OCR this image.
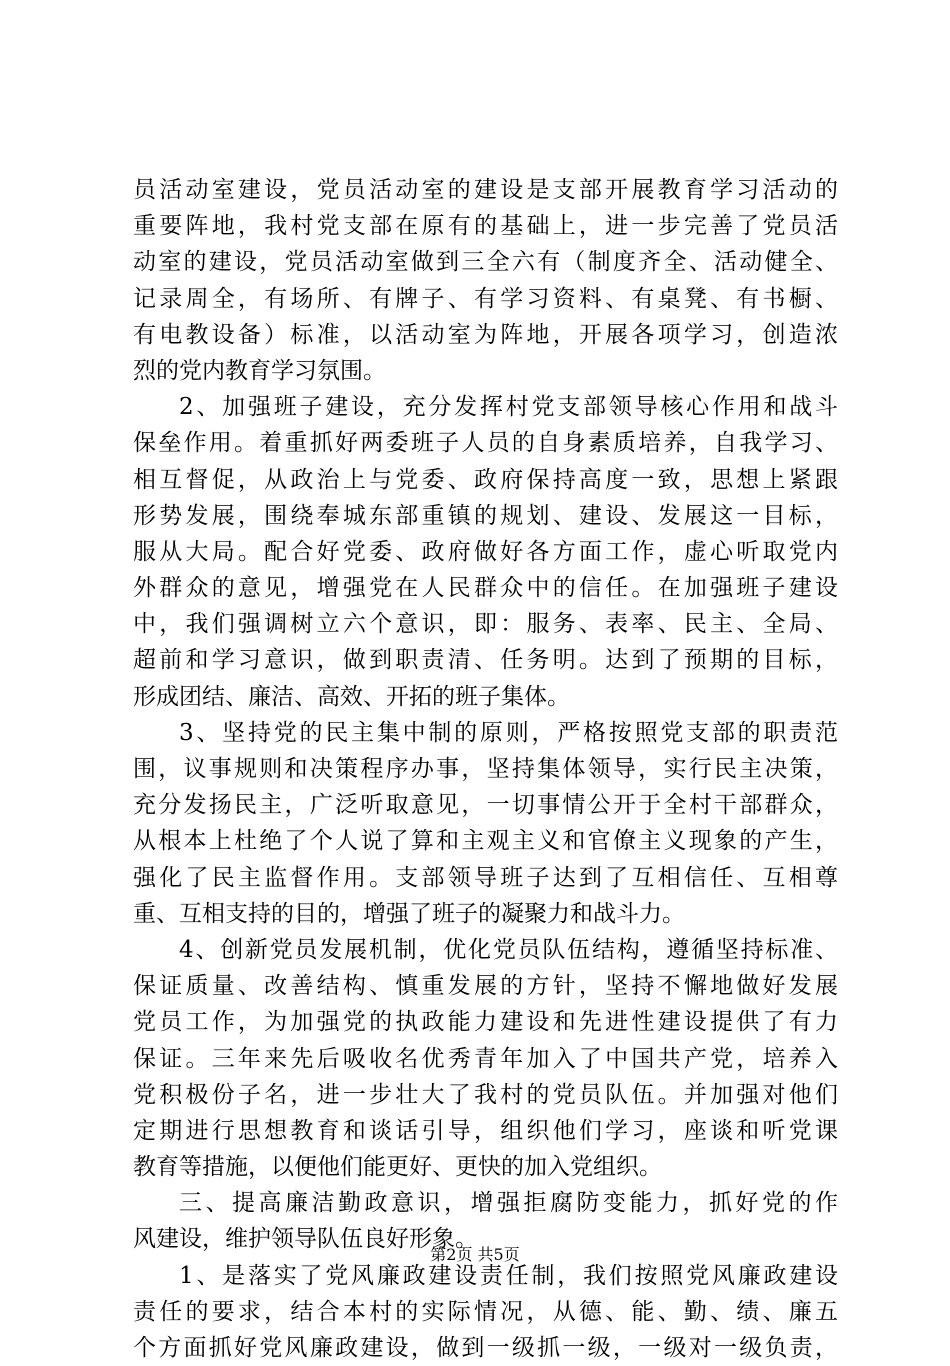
员活动室建设，党员活动室的建设是支部开展教育学习活动的
重要阵地，我村党支部在原有的基础上，进一步完善了党员活
动室的建设，党员活动室做到三全六有（制度齐全、活动健全、
记录周全，有场所、有牌子、有学习资料、有桌凳、有书橱、
有电教设备）标准，以活动室为阵地，开展各项学习，创造浓
烈的党内教育学习氛围。
2、加强班子建设，充分发挥村党支部领导核心作用和战斗
保垒作用。着重抓好两委班子人员的自身素质培养，自我学习、
相互督促，从政治上与党委、政府保持高度一致，思想上紧跟
形势发展，围绕奉城东部重镇的规划、建设、发展这一目标，
服从大局。配合好党委、政府做好各方面工作，虚心听取党内
外群众的意见，增强党在人民群众中的信任。在加强班子建设
中，我们强调树立六个意识，即：服务、表率、民主、全局、
超前和学习意识，做到职责清、任务明。达到了预期的目标，
形成团结、廉洁、高效、开拓的班子集体。
3、坚持党的民主集中制的原则，严格按照党支部的职责范
围，议事规则和决策程序办事，坚持集体领导，实行民主决策，
充分发扬民主，广泛听取意见，一切事情公开于全村干部群众，
从根本上杜绝了个人说了算和主观主义和官僚主义现象的产生，
强化了民主监督作用。支部领导班子达到了互相信任、互相尊
重、互相支持的目的，增强了班子的凝聚力和战斗力。
4、创新党员发展机制，优化党员队伍结构，遵循坚持标准、
保证质量、改善结构、慎重发展的方针，坚持不懈地做好发展
党员工作，为加强党的执政能力建设和先进性建设提供了有力
保证。三年来先后吸收名优秀青年加入了中国共产党，培养入
党积极份子名，进一步壮大了我村的党员队伍。并加强对他们
定期进行思想教育和谈话引导，组织他们学习，座谈和听党课
教育等措施，以便他们能更好、更快的加入党组织。
三、提高廉洁勤政意识，增强拒腐防变能力，抓好党的作
风建设，维护领导队伍良好形象。
1、是落实了党风廉政建设责任制，我们按照党风廉政建设
责任的要求，结合本村的实际情况，从德、能、勤、绩、廉五
个方面抓好党风廉政建设，做到一级抓一级，一级对一级负责，
第2页 共5页
